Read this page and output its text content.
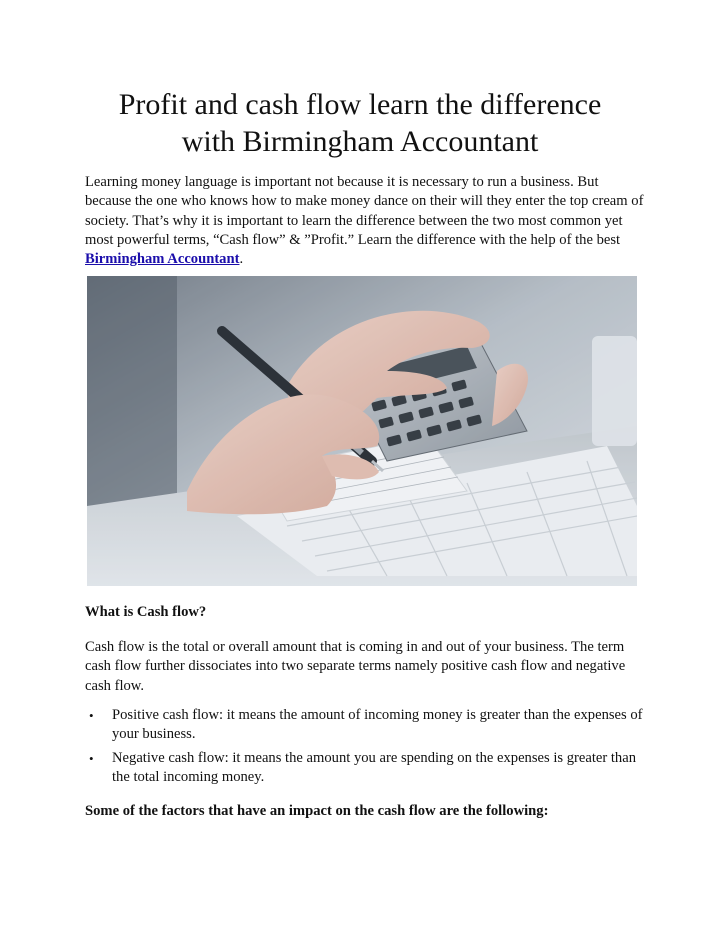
Profit and cash flow learn the difference
with Birmingham Accountant

Learning money language is important not because it is necessary to run a business. But because the one who knows how to make money dance on their will they enter the top cream of society. That’s why it is important to learn the difference between the two most common yet most powerful terms, “Cash flow” & ”Profit.” Learn the difference with the help of the best Birmingham Accountant.

What is Cash flow?

Cash flow is the total or overall amount that is coming in and out of your business. The term cash flow further dissociates into two separate terms namely positive cash flow and negative cash flow.

• Positive cash flow: it means the amount of incoming money is greater than the expenses of your business.
• Negative cash flow: it means the amount you are spending on the expenses is greater than the total incoming money.

Some of the factors that have an impact on the cash flow are the following:
